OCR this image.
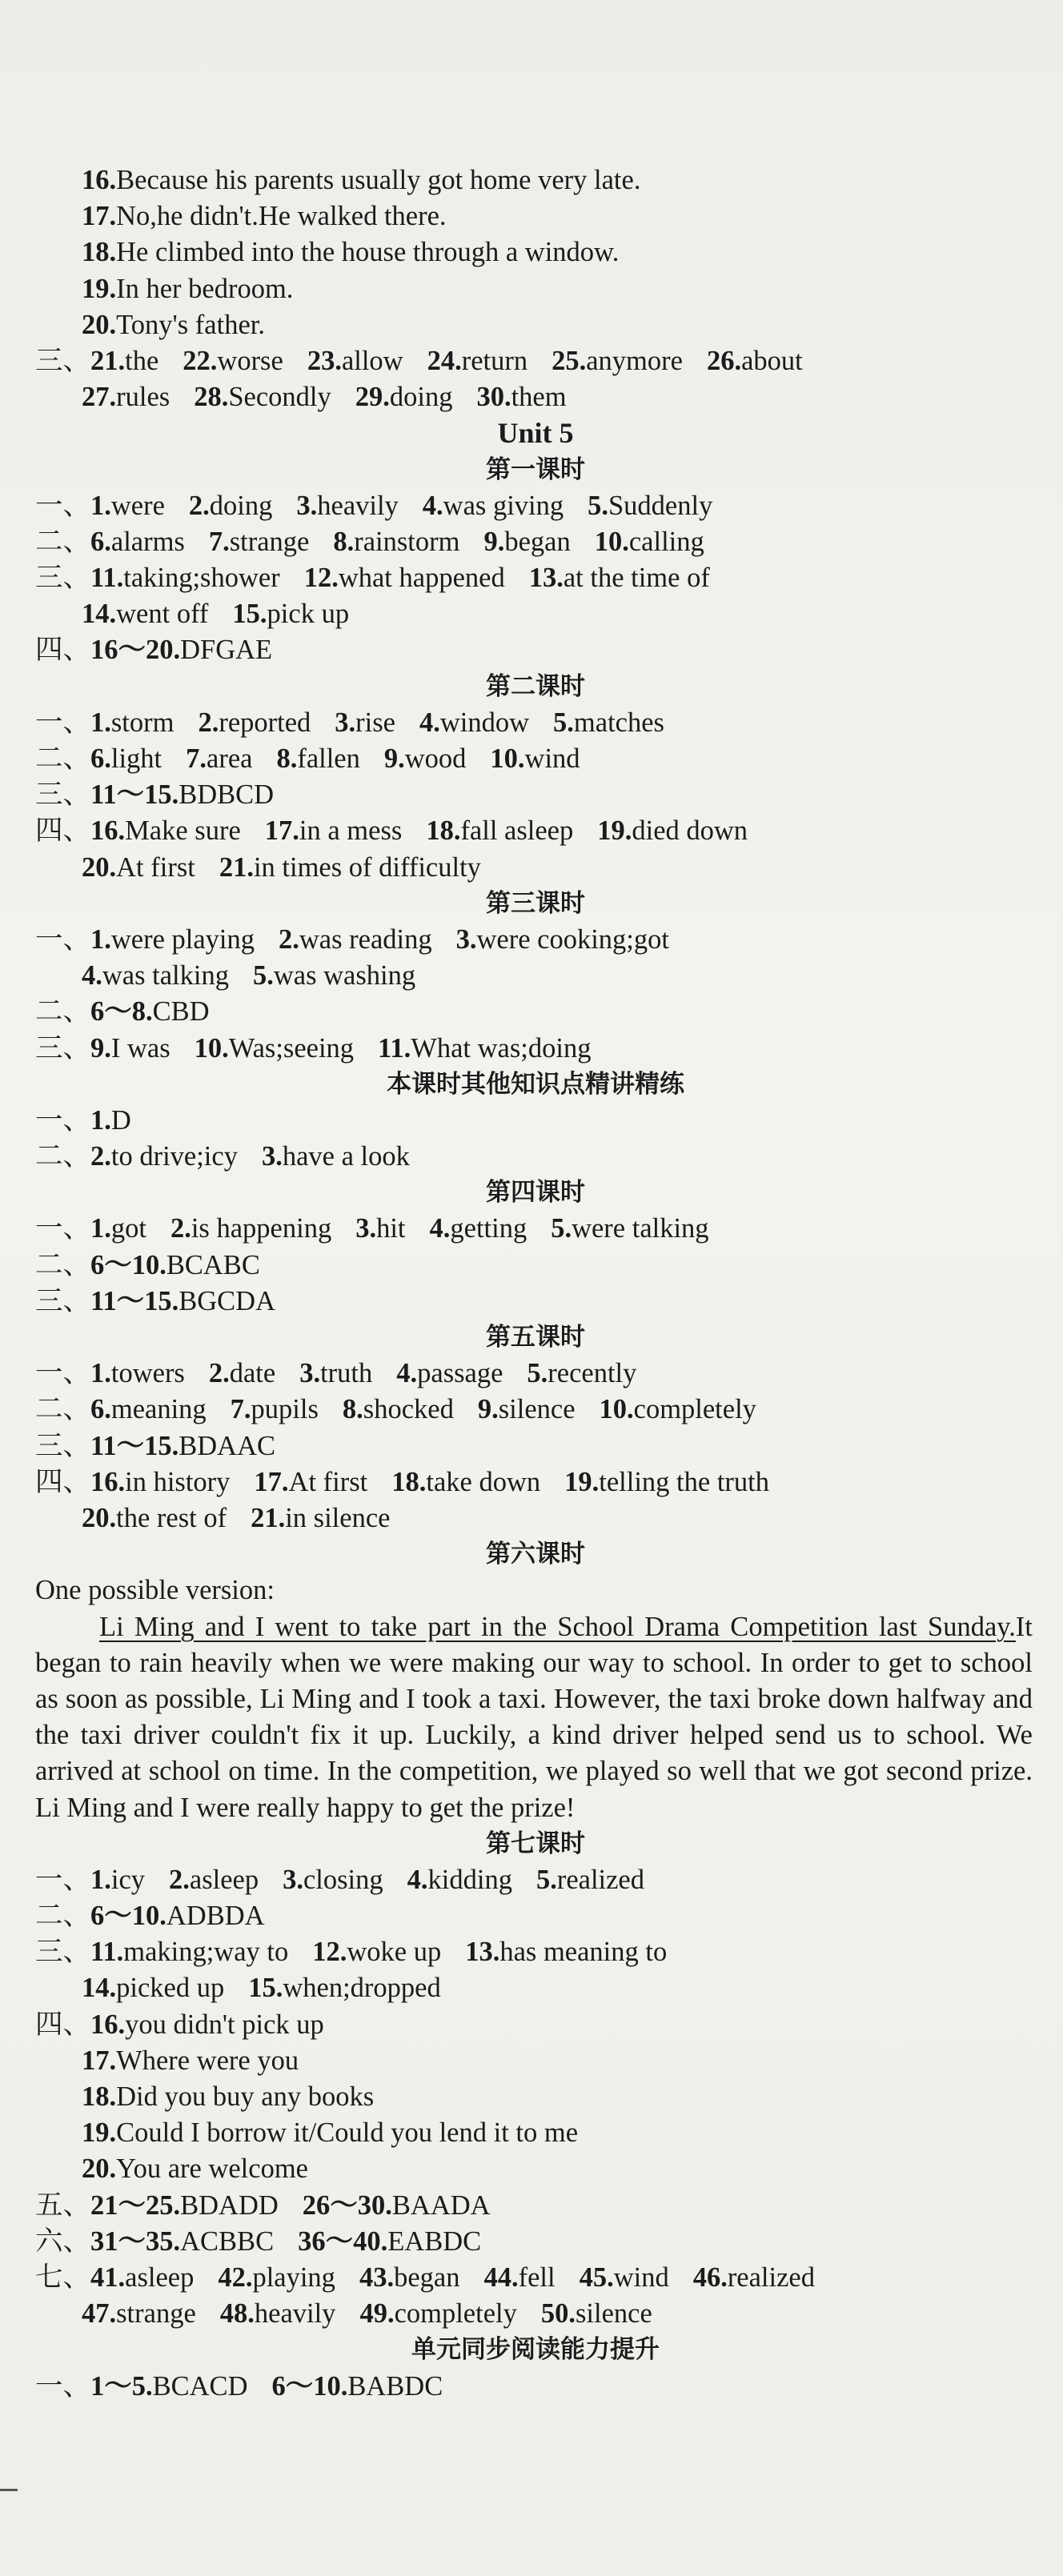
16.Because his parents usually got home very late.
17.No,he didn't.He walked there.
18.He climbed into the house through a window.
19.In her bedroom.
20.Tony's father.
三、21.the 22.worse 23.allow 24.return 25.anymore 26.about
27.rules 28.Secondly 29.doing 30.them
Unit 5
第一课时
一、1.were 2.doing 3.heavily 4.was giving 5.Suddenly
二、6.alarms 7.strange 8.rainstorm 9.began 10.calling
三、11.taking;shower 12.what happened 13.at the time of
14.went off 15.pick up
四、16～20.DFGAE
第二课时
一、1.storm 2.reported 3.rise 4.window 5.matches
二、6.light 7.area 8.fallen 9.wood 10.wind
三、11～15.BDBCD
四、16.Make sure 17.in a mess 18.fall asleep 19.died down
20.At first 21.in times of difficulty
第三课时
一、1.were playing 2.was reading 3.were cooking;got
4.was talking 5.was washing
二、6～8.CBD
三、9.I was 10.Was;seeing 11.What was;doing
本课时其他知识点精讲精练
一、1.D
二、2.to drive;icy 3.have a look
第四课时
一、1.got 2.is happening 3.hit 4.getting 5.were talking
二、6～10.BCABC
三、11～15.BGCDA
第五课时
一、1.towers 2.date 3.truth 4.passage 5.recently
二、6.meaning 7.pupils 8.shocked 9.silence 10.completely
三、11～15.BDAAC
四、16.in history 17.At first 18.take down 19.telling the truth
20.the rest of 21.in silence
第六课时
One possible version:
Li Ming and I went to take part in the School Drama Competition last Sunday.It began to rain heavily when we were making our way to school. In order to get to school as soon as possible, Li Ming and I took a taxi. However, the taxi broke down halfway and the taxi driver couldn't fix it up. Luckily, a kind driver helped send us to school. We arrived at school on time. In the competition, we played so well that we got second prize. Li Ming and I were really happy to get the prize!
第七课时
一、1.icy 2.asleep 3.closing 4.kidding 5.realized
二、6～10.ADBDA
三、11.making;way to 12.woke up 13.has meaning to
14.picked up 15.when;dropped
四、16.you didn't pick up
17.Where were you
18.Did you buy any books
19.Could I borrow it/Could you lend it to me
20.You are welcome
五、21～25.BDADD 26～30.BAADA
六、31～35.ACBBC 36～40.EABDC
七、41.asleep 42.playing 43.began 44.fell 45.wind 46.realized
47.strange 48.heavily 49.completely 50.silence
单元同步阅读能力提升
一、1～5.BCACD 6～10.BABDC
